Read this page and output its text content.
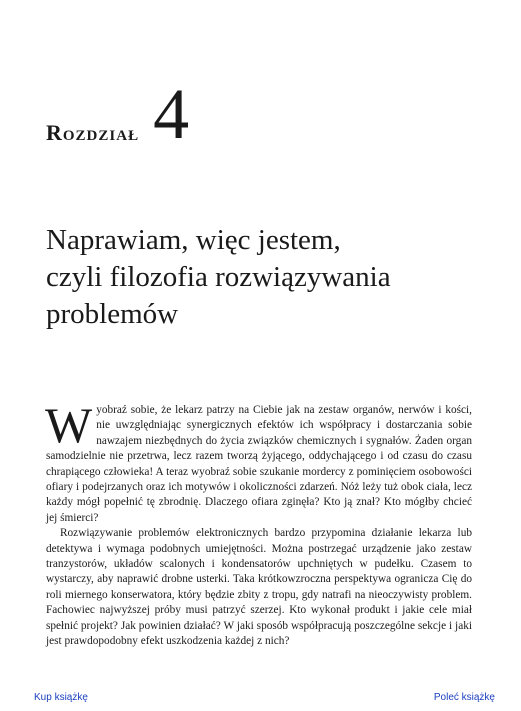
Rozdział 4
Naprawiam, więc jestem,
czyli filozofia rozwiązywania
problemów

Wyobraź sobie, że lekarz patrzy na Ciebie jak na zestaw organów, nerwów i kości, nie uwzględniając synergicznych efektów ich współpracy i dostarczania sobie nawzajem niezbędnych do życia związków chemicznych i sygnałów. Żaden organ samodzielnie nie przetrwa, lecz razem tworzą żyjącego, oddychającego i od czasu do czasu chrapiącego człowieka! A teraz wyobraź sobie szukanie mordercy z pominięciem osobowości ofiary i podejrzanych oraz ich motywów i okoliczności zdarzeń. Nóż leży tuż obok ciała, lecz każdy mógł popełnić tę zbrodnię. Dlaczego ofiara zginęła? Kto ją znał? Kto mógłby chcieć jej śmierci?

Rozwiązywanie problemów elektronicznych bardzo przypomina działanie lekarza lub detektywa i wymaga podobnych umiejętności. Można postrzegać urządzenie jako zestaw tranzystorów, układów scalonych i kondensatorów upchniętych w pudełku. Czasem to wystarczy, aby naprawić drobne usterki. Taka krótkowzroczna perspektywa ogranicza Cię do roli miernego konserwatora, który będzie zbity z tropu, gdy natrafi na nieoczywisty problem. Fachowiec najwyższej próby musi patrzyć szerzej. Kto wykonał produkt i jakie cele miał spełnić projekt? Jak powinien działać? W jaki sposób współpracują poszczególne sekcje i jaki jest prawdopodobny efekt uszkodzenia każdej z nich?

Kup książkę	Poleć książkę
